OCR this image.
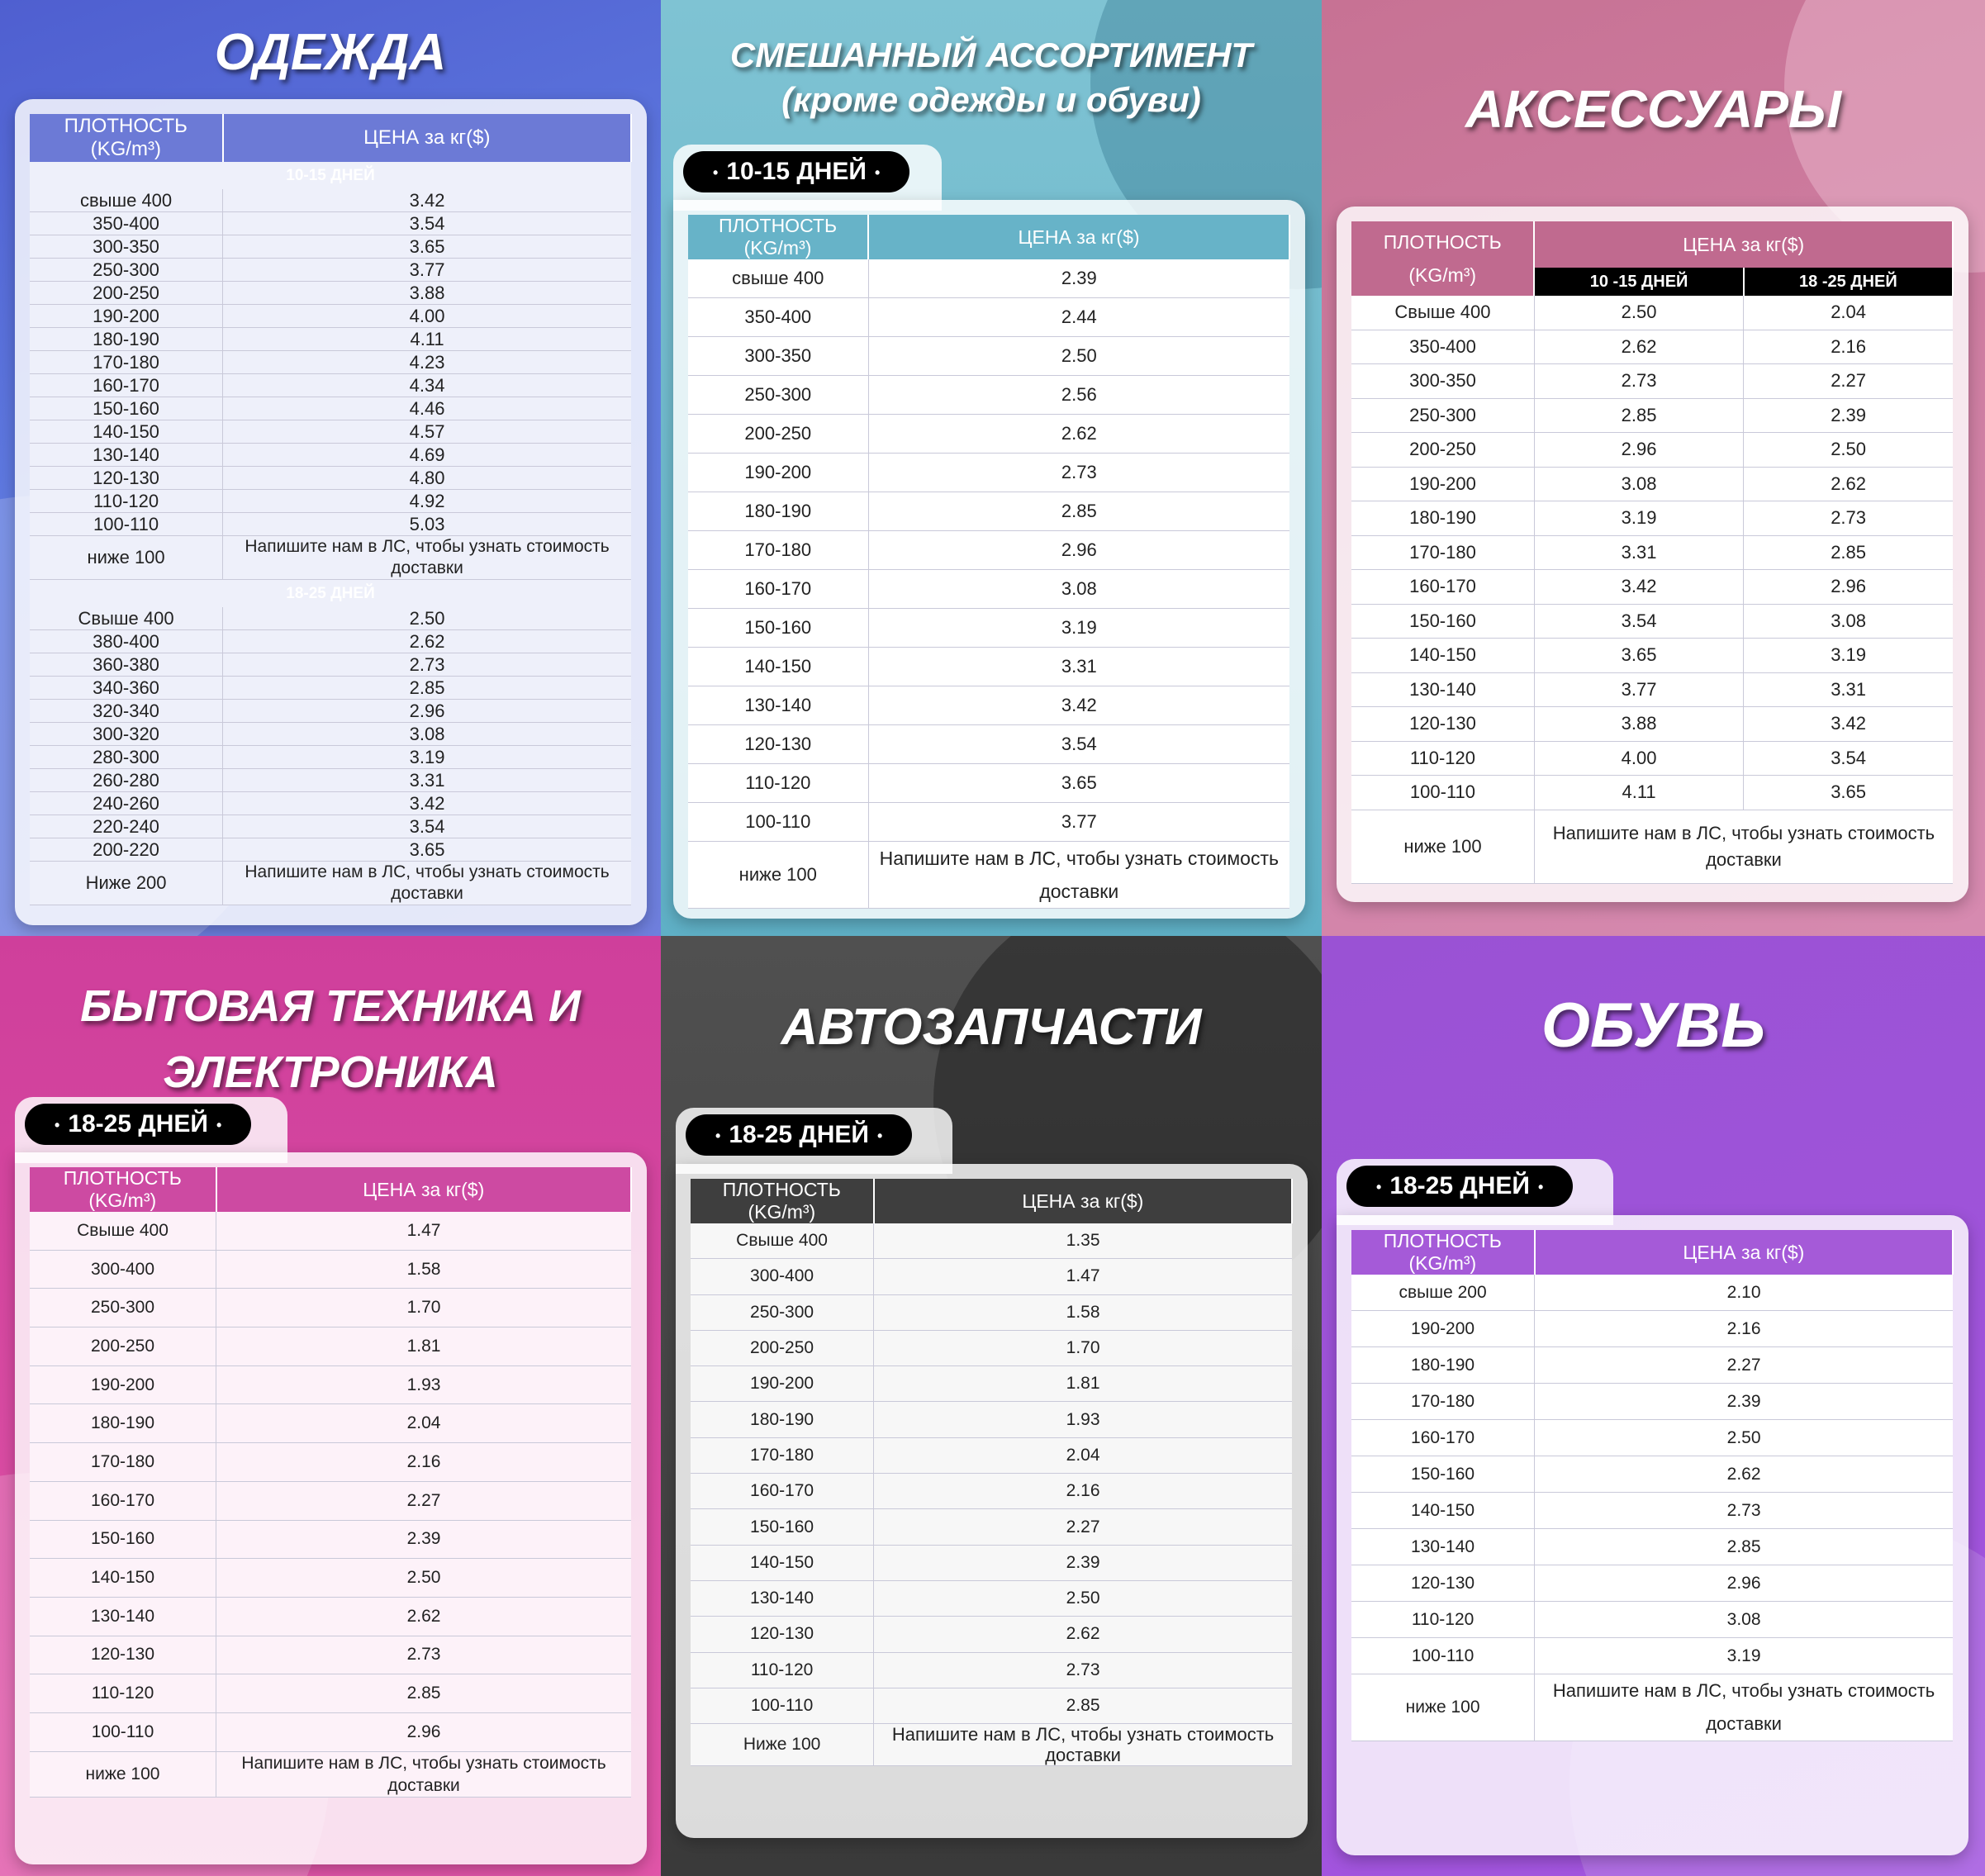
ОДЕЖДА
ПЛОТНОСТЬ (KG/m³)	ЦЕНА за кг($)
10-15 ДНЕЙ	
свыше 400	3.42
350-400	3.54
300-350	3.65
250-300	3.77
200-250	3.88
190-200	4.00
180-190	4.11
170-180	4.23
160-170	4.34
150-160	4.46
140-150	4.57
130-140	4.69
120-130	4.80
110-120	4.92
100-110	5.03
ниже 100	Напишите нам в ЛС, чтобы узнать стоимость доставки
18-25 ДНЕЙ	
Свыше 400	2.50
380-400	2.62
360-380	2.73
340-360	2.85
320-340	2.96
300-320	3.08
280-300	3.19
260-280	3.31
240-260	3.42
220-240	3.54
200-220	3.65
Ниже 200	Напишите нам в ЛС, чтобы узнать стоимость доставки
СМЕШАННЫЙ АССОРТИМЕНТ
(кроме одежды и обуви)
• 10-15 ДНЕЙ •
ПЛОТНОСТЬ (KG/m³)	ЦЕНА за кг($)
свыше 400	2.39
350-400	2.44
300-350	2.50
250-300	2.56
200-250	2.62
190-200	2.73
180-190	2.85
170-180	2.96
160-170	3.08
150-160	3.19
140-150	3.31
130-140	3.42
120-130	3.54
110-120	3.65
100-110	3.77
ниже 100	Напишите нам в ЛС, чтобы узнать стоимость доставки
АКСЕССУАРЫ
ПЛОТНОСТЬ (KG/m³)	ЦЕНА за кг($)	
	10 -15 ДНЕЙ	18 -25 ДНЕЙ
Свыше 400	2.50	2.04
350-400	2.62	2.16
300-350	2.73	2.27
250-300	2.85	2.39
200-250	2.96	2.50
190-200	3.08	2.62
180-190	3.19	2.73
170-180	3.31	2.85
160-170	3.42	2.96
150-160	3.54	3.08
140-150	3.65	3.19
130-140	3.77	3.31
120-130	3.88	3.42
110-120	4.00	3.54
100-110	4.11	3.65
ниже 100	Напишите нам в ЛС, чтобы узнать стоимость доставки	
БЫТОВАЯ ТЕХНИКА И
ЭЛЕКТРОНИКА
• 18-25 ДНЕЙ •
ПЛОТНОСТЬ (KG/m³)	ЦЕНА за кг($)
Свыше 400	1.47
300-400	1.58
250-300	1.70
200-250	1.81
190-200	1.93
180-190	2.04
170-180	2.16
160-170	2.27
150-160	2.39
140-150	2.50
130-140	2.62
120-130	2.73
110-120	2.85
100-110	2.96
ниже 100	Напишите нам в ЛС, чтобы узнать стоимость доставки
АВТОЗАПЧАСТИ
• 18-25 ДНЕЙ •
ПЛОТНОСТЬ (KG/m³)	ЦЕНА за кг($)
Свыше 400	1.35
300-400	1.47
250-300	1.58
200-250	1.70
190-200	1.81
180-190	1.93
170-180	2.04
160-170	2.16
150-160	2.27
140-150	2.39
130-140	2.50
120-130	2.62
110-120	2.73
100-110	2.85
Ниже 100	Напишите нам в ЛС, чтобы узнать стоимость доставки
ОБУВЬ
• 18-25 ДНЕЙ •
ПЛОТНОСТЬ (KG/m³)	ЦЕНА за кг($)
свыше 200	2.10
190-200	2.16
180-190	2.27
170-180	2.39
160-170	2.50
150-160	2.62
140-150	2.73
130-140	2.85
120-130	2.96
110-120	3.08
100-110	3.19
ниже 100	Напишите нам в ЛС, чтобы узнать стоимость доставки
